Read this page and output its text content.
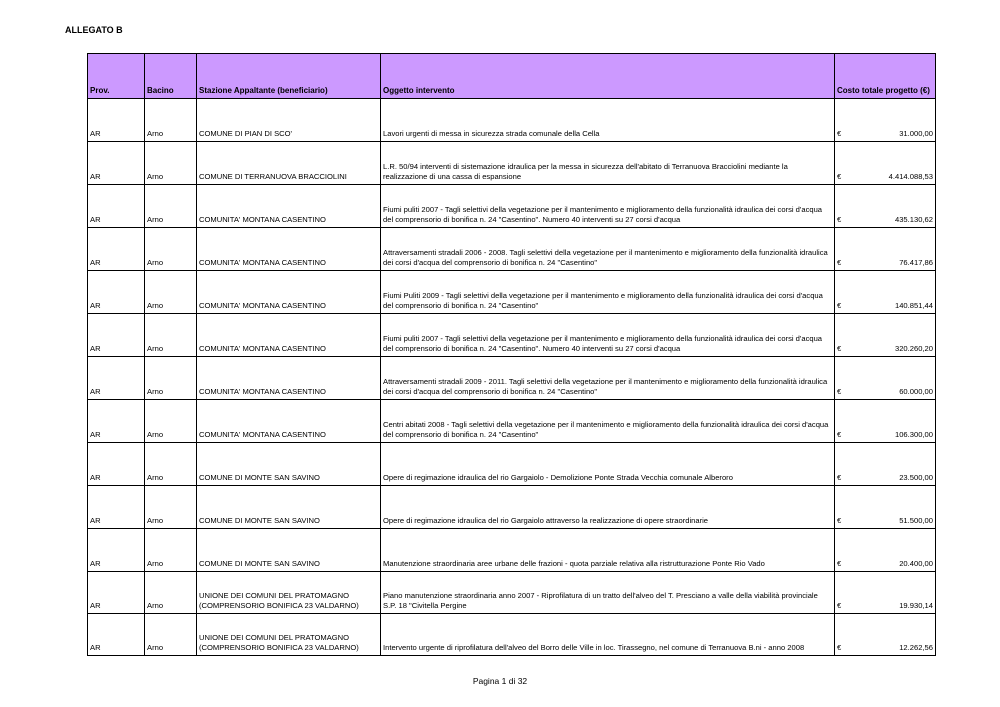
ALLEGATO B
Prov.	Bacino	Stazione Appaltante (beneficiario)	Oggetto intervento	Costo totale progetto (€)
AR	Arno	COMUNE DI PIAN DI SCO'	Lavori urgenti di messa in sicurezza strada comunale della Cella	€ 31.000,00

AR	Arno	COMUNE DI TERRANUOVA BRACCIOLINI	L.R. 50/94 interventi di sistemazione idraulica per la messa in sicurezza dell'abitato di Terranuova Bracciolini mediante la realizzazione di una cassa di espansione	€ 4.414.088,53

AR	Arno	COMUNITA' MONTANA CASENTINO	Fiumi puliti 2007 - Tagli selettivi della vegetazione per il mantenimento e miglioramento della funzionalità idraulica dei corsi d'acqua del comprensorio di bonifica n. 24 "Casentino". Numero 40 interventi su 27 corsi d'acqua	€ 435.130,62

AR	Arno	COMUNITA' MONTANA CASENTINO	Attraversamenti stradali 2006 - 2008. Tagli selettivi della vegetazione per il mantenimento e miglioramento della funzionalità idraulica dei corsi d'acqua del comprensorio di bonifica n. 24 "Casentino"	€ 76.417,86

AR	Arno	COMUNITA' MONTANA CASENTINO	Fiumi Puliti 2009 - Tagli selettivi della vegetazione per il mantenimento e miglioramento della funzionalità idraulica dei corsi d'acqua del comprensorio di bonifica n. 24 "Casentino"	€ 140.851,44

AR	Arno	COMUNITA' MONTANA CASENTINO	Fiumi puliti 2007 - Tagli selettivi della vegetazione per il mantenimento e miglioramento della funzionalità idraulica dei corsi d'acqua del comprensorio di bonifica n. 24 "Casentino". Numero 40 interventi su 27 corsi d'acqua	€ 320.260,20

AR	Arno	COMUNITA' MONTANA CASENTINO	Attraversamenti stradali 2009 - 2011. Tagli selettivi della vegetazione per il mantenimento e miglioramento della funzionalità idraulica dei corsi d'acqua del comprensorio di bonifica n. 24 "Casentino"	€ 60.000,00

AR	Arno	COMUNITA' MONTANA CASENTINO	Centri abitati 2008 - Tagli selettivi della vegetazione per il mantenimento e miglioramento della funzionalità idraulica dei corsi d'acqua del comprensorio di bonifica n. 24 "Casentino"	€ 106.300,00

AR	Arno	COMUNE DI MONTE SAN SAVINO	Opere di regimazione idraulica del rio Gargaiolo - Demolizione Ponte Strada Vecchia comunale Alberoro	€ 23.500,00

AR	Arno	COMUNE DI MONTE SAN SAVINO	Opere di regimazione idraulica del rio Gargaiolo attraverso la realizzazione di opere straordinarie	€ 51.500,00

AR	Arno	COMUNE DI MONTE SAN SAVINO	Manutenzione straordinaria aree urbane delle frazioni - quota parziale relativa alla ristrutturazione Ponte Rio Vado	€ 20.400,00

AR	Arno	UNIONE DEI COMUNI DEL PRATOMAGNO (COMPRENSORIO BONIFICA 23 VALDARNO)	Piano manutenzione straordinaria anno 2007 - Riprofilatura di un tratto dell'alveo del T. Presciano a valle della viabilità provinciale S.P. 18 "Civitella Pergine	€ 19.930,14

AR	Arno	UNIONE DEI COMUNI DEL PRATOMAGNO (COMPRENSORIO BONIFICA 23 VALDARNO)	Intervento urgente di riprofilatura dell'alveo del Borro delle Ville in loc. Tirassegno, nel comune di Terranuova B.ni - anno 2008	€ 12.262,56
Pagina 1 di 32
